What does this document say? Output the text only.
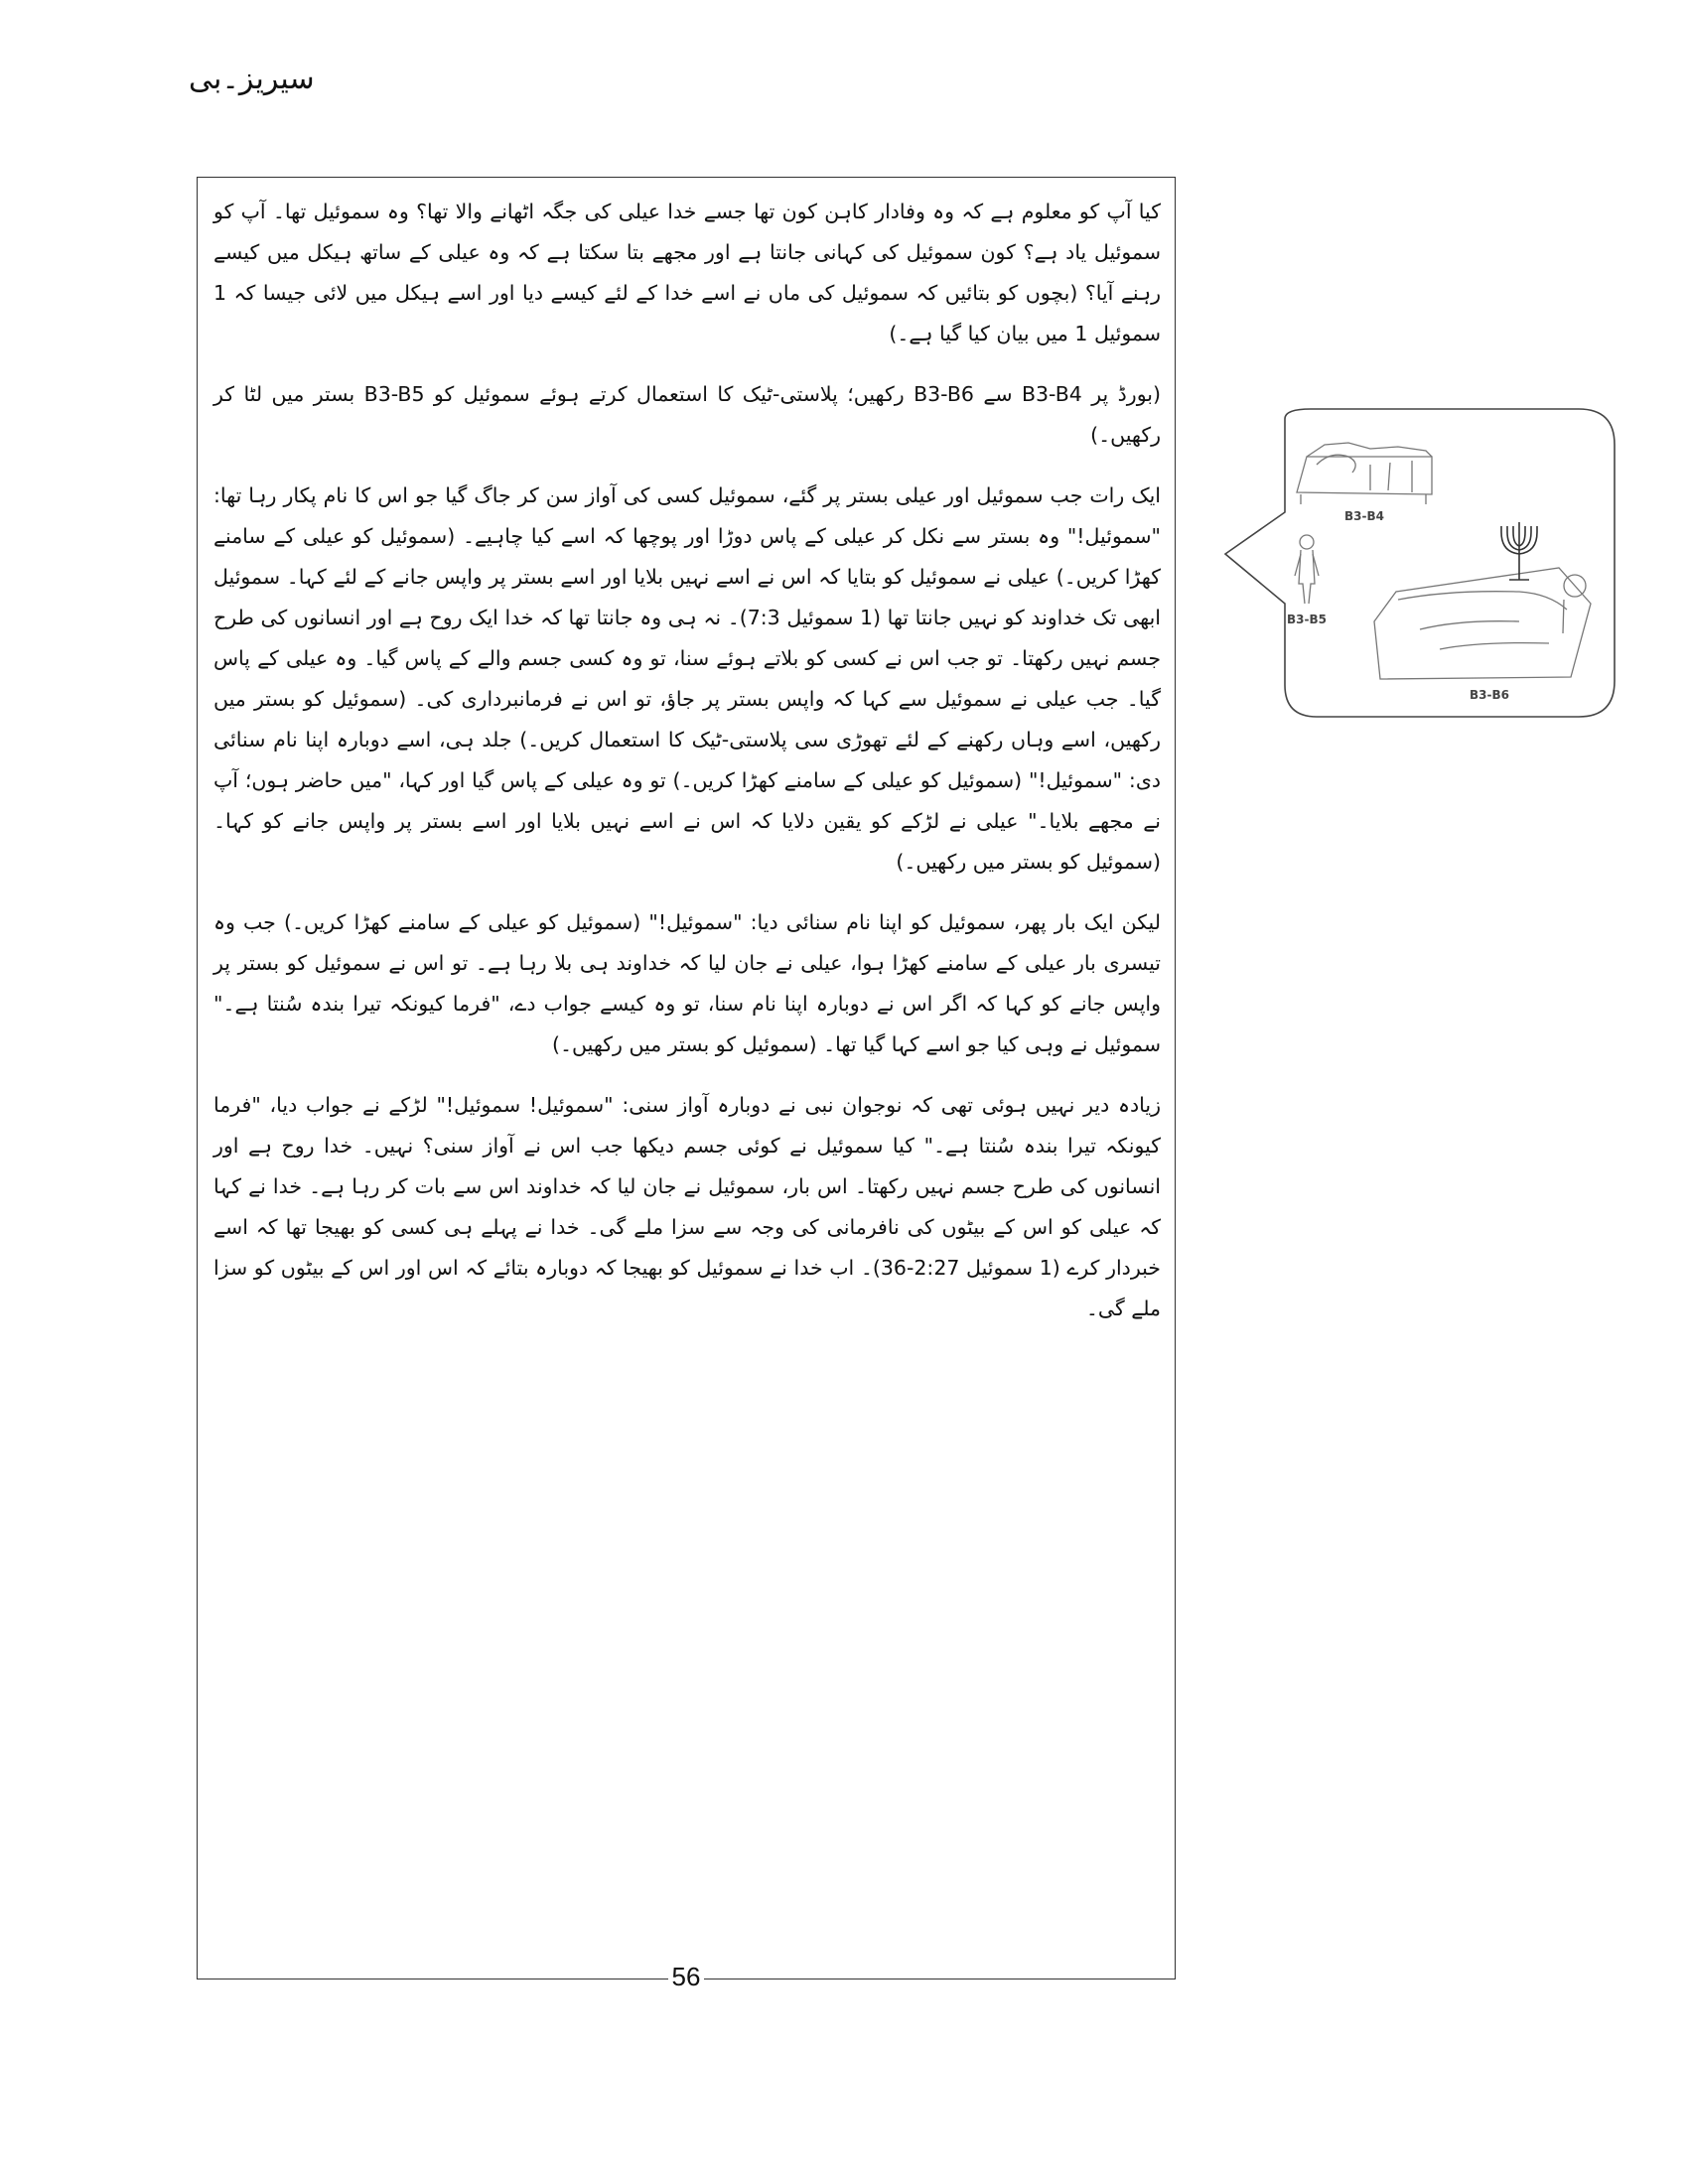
سیریز۔بی

کیا آپ کو معلوم ہے کہ وہ وفادار کاہن کون تھا جسے خدا عیلی کی جگہ اٹھانے والا تھا؟ وہ سموئیل تھا۔ آپ کو سموئیل یاد ہے؟ کون سموئیل کی کہانی جانتا ہے اور مجھے بتا سکتا ہے کہ وہ عیلی کے ساتھ ہیکل میں کیسے رہنے آیا؟ (بچوں کو بتائیں کہ سموئیل کی ماں نے اسے خدا کے لئے کیسے دیا اور اسے ہیکل میں لائی جیسا کہ 1 سموئیل 1 میں بیان کیا گیا ہے۔)

(بورڈ پر B3-B4 سے B3-B6 رکھیں؛ پلاستی-ٹیک کا استعمال کرتے ہوئے سموئیل کو B3-B5 بستر میں لٹا کر رکھیں۔)

ایک رات جب سموئیل اور عیلی بستر پر گئے، سموئیل کسی کی آواز سن کر جاگ گیا جو اس کا نام پکار رہا تھا: "سموئیل!" وہ بستر سے نکل کر عیلی کے پاس دوڑا اور پوچھا کہ اسے کیا چاہیے۔ (سموئیل کو عیلی کے سامنے کھڑا کریں۔) عیلی نے سموئیل کو بتایا کہ اس نے اسے نہیں بلایا اور اسے بستر پر واپس جانے کے لئے کہا۔ سموئیل ابھی تک خداوند کو نہیں جانتا تھا (1 سموئیل 7:3)۔ نہ ہی وہ جانتا تھا کہ خدا ایک روح ہے اور انسانوں کی طرح جسم نہیں رکھتا۔ تو جب اس نے کسی کو بلاتے ہوئے سنا، تو وہ کسی جسم والے کے پاس گیا۔ وہ عیلی کے پاس گیا۔ جب عیلی نے سموئیل سے کہا کہ واپس بستر پر جاؤ، تو اس نے فرمانبرداری کی۔ (سموئیل کو بستر میں رکھیں، اسے وہاں رکھنے کے لئے تھوڑی سی پلاستی-ٹیک کا استعمال کریں۔) جلد ہی، اسے دوبارہ اپنا نام سنائی دی: "سموئیل!" (سموئیل کو عیلی کے سامنے کھڑا کریں۔) تو وہ عیلی کے پاس گیا اور کہا، "میں حاضر ہوں؛ آپ نے مجھے بلایا۔" عیلی نے لڑکے کو یقین دلایا کہ اس نے اسے نہیں بلایا اور اسے بستر پر واپس جانے کو کہا۔ (سموئیل کو بستر میں رکھیں۔)

لیکن ایک بار پھر، سموئیل کو اپنا نام سنائی دیا: "سموئیل!" (سموئیل کو عیلی کے سامنے کھڑا کریں۔) جب وہ تیسری بار عیلی کے سامنے کھڑا ہوا، عیلی نے جان لیا کہ خداوند ہی بلا رہا ہے۔ تو اس نے سموئیل کو بستر پر واپس جانے کو کہا کہ اگر اس نے دوبارہ اپنا نام سنا، تو وہ کیسے جواب دے، "فرما کیونکہ تیرا بندہ سُنتا ہے۔" سموئیل نے وہی کیا جو اسے کہا گیا تھا۔ (سموئیل کو بستر میں رکھیں۔)

زیادہ دیر نہیں ہوئی تھی کہ نوجوان نبی نے دوبارہ آواز سنی: "سموئیل! سموئیل!" لڑکے نے جواب دیا، "فرما کیونکہ تیرا بندہ سُنتا ہے۔" کیا سموئیل نے کوئی جسم دیکھا جب اس نے آواز سنی؟ نہیں۔ خدا روح ہے اور انسانوں کی طرح جسم نہیں رکھتا۔ اس بار، سموئیل نے جان لیا کہ خداوند اس سے بات کر رہا ہے۔ خدا نے کہا کہ عیلی کو اس کے بیٹوں کی نافرمانی کی وجہ سے سزا ملے گی۔ خدا نے پہلے ہی کسی کو بھیجا تھا کہ اسے خبردار کرے (1 سموئیل 2:27-36)۔ اب خدا نے سموئیل کو بھیجا کہ دوبارہ بتائے کہ اس اور اس کے بیٹوں کو سزا ملے گی۔

56
B3-B4
B3-B5
B3-B6
